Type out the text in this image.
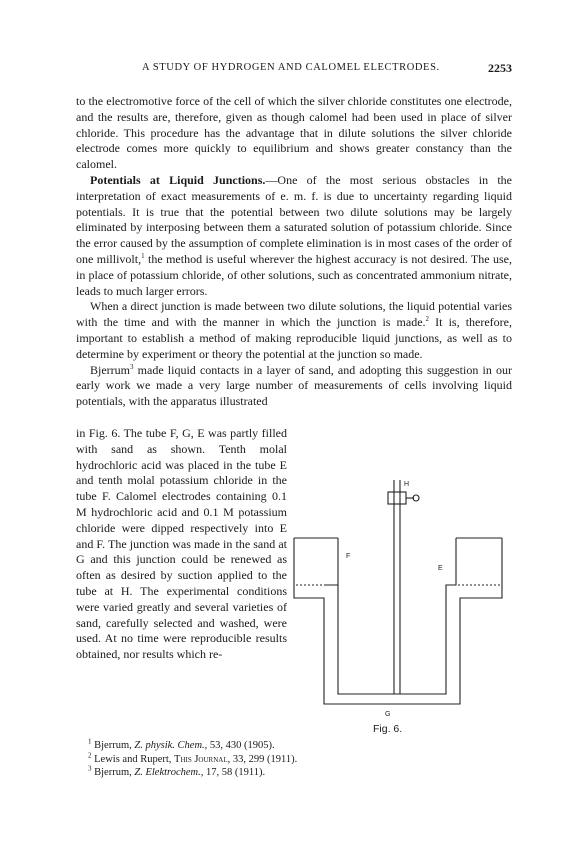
A STUDY OF HYDROGEN AND CALOMEL ELECTRODES.	2253

to the electromotive force of the cell of which the silver chloride constitutes one electrode, and the results are, therefore, given as though calomel had been used in place of silver chloride. This procedure has the advantage that in dilute solutions the silver chloride electrode comes more quickly to equilibrium and shows greater constancy than the calomel.

Potentials at Liquid Junctions.—One of the most serious obstacles in the interpretation of exact measurements of e. m. f. is due to uncertainty regarding liquid potentials. It is true that the potential between two dilute solutions may be largely eliminated by interposing between them a saturated solution of potassium chloride. Since the error caused by the assumption of complete elimination is in most cases of the order of one millivolt,$^1$ the method is useful wherever the highest accuracy is not desired. The use, in place of potassium chloride, of other solutions, such as concentrated ammonium nitrate, leads to much larger errors.

When a direct junction is made between two dilute solutions, the liquid potential varies with the time and with the manner in which the junction is made.$^2$ It is, therefore, important to establish a method of making reproducible liquid junctions, as well as to determine by experiment or theory the potential at the junction so made.

Bjerrum$^3$ made liquid contacts in a layer of sand, and adopting this suggestion in our early work we made a very large number of measurements of cells involving liquid potentials, with the apparatus illustrated

in Fig. 6. The tube F, G, E was partly filled with sand as shown. Tenth molal hydrochloric acid was placed in the tube E and tenth molal potassium chloride in the tube F. Calomel electrodes containing 0.1 M hydrochloric acid and 0.1 M potassium chloride were dipped respectively into E and F. The junction was made in the sand at G and this junction could be renewed as often as desired by suction applied to the tube at H. The experimental conditions were varied greatly and several varieties of sand, carefully selected and washed, were used. At no time were reproducible results obtained, nor results which re-

H
F
E
G
Fig. 6.
$^1$ Bjerrum, Z. physik. Chem., 53, 430 (1905).
$^2$ Lewis and Rupert, This Journal, 33, 299 (1911).
$^3$ Bjerrum, Z. Elektrochem., 17, 58 (1911).
